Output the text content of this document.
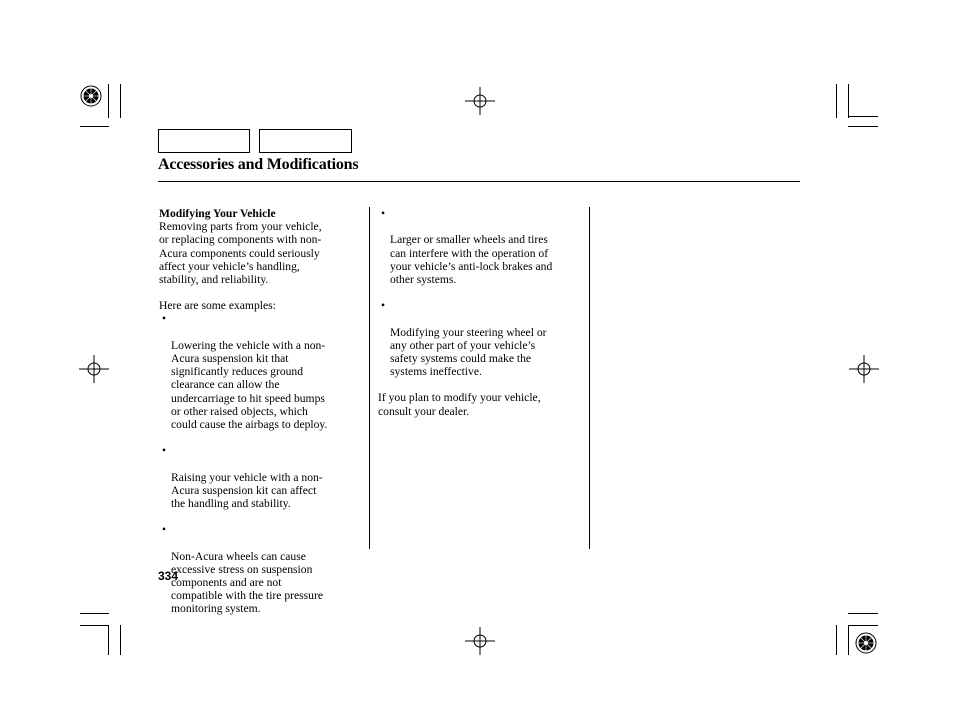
Accessories and Modifications

Modifying Your Vehicle

Removing parts from your vehicle,
or replacing components with non-
Acura components could seriously
affect your vehicle’s handling,
stability, and reliability.

Here are some examples:

•

Lowering the vehicle with a non-
Acura suspension kit that
significantly reduces ground
clearance can allow the
undercarriage to hit speed bumps
or other raised objects, which
could cause the airbags to deploy.

•

Raising your vehicle with a non-
Acura suspension kit can affect
the handling and stability.

•

Non-Acura wheels can cause
excessive stress on suspension
components and are not
compatible with the tire pressure
monitoring system.

•

Larger or smaller wheels and tires
can interfere with the operation of
your vehicle’s anti-lock brakes and
other systems.

•

Modifying your steering wheel or
any other part of your vehicle’s
safety systems could make the
systems ineffective.

If you plan to modify your vehicle,
consult your dealer.

334
